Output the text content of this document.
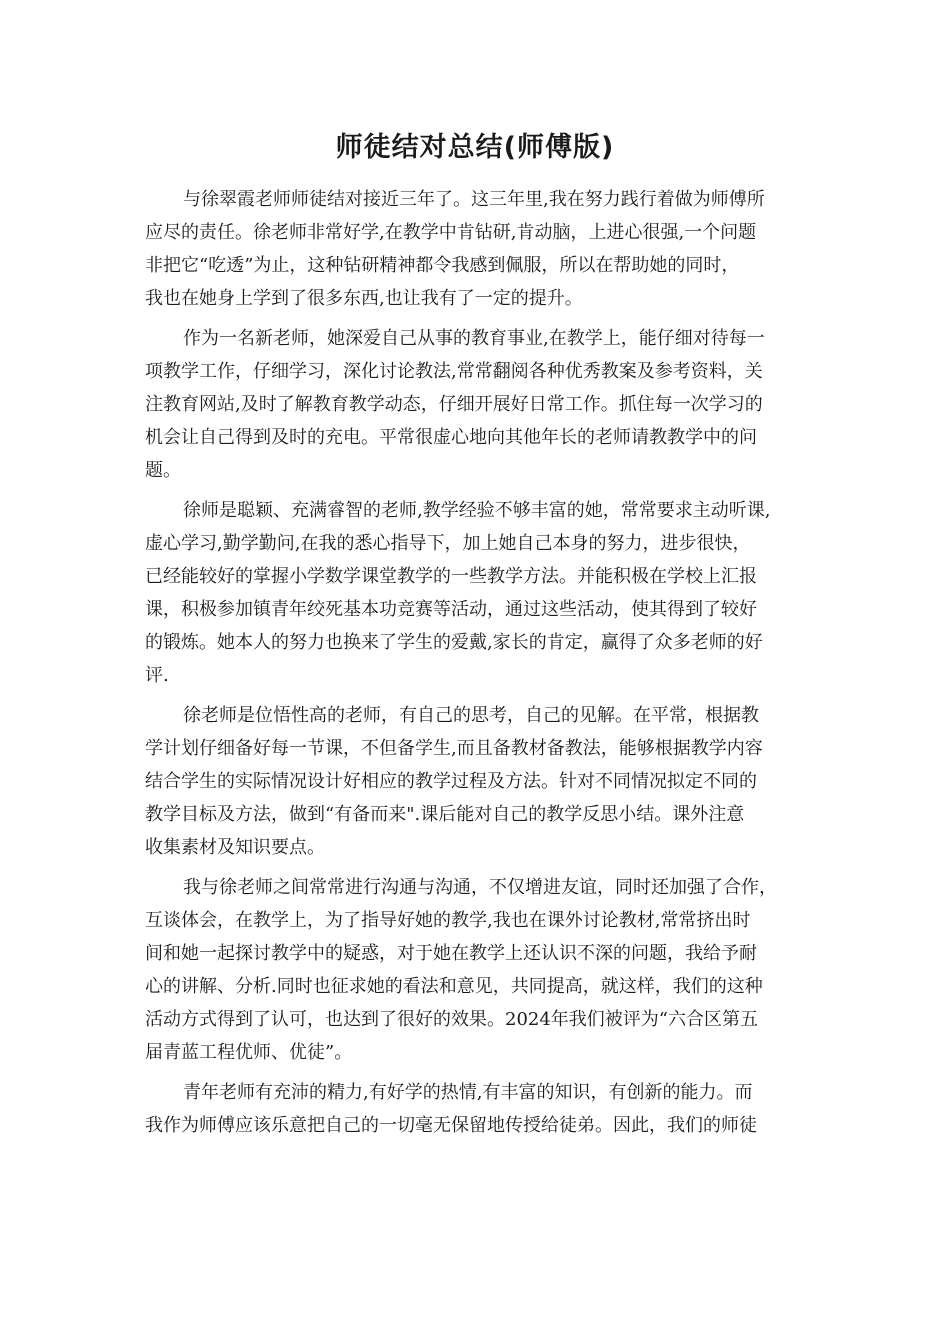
师徒结对总结(师傅版)
与徐翠霞老师师徒结对接近三年了。这三年里,我在努力践行着做为师傅所
应尽的责任。徐老师非常好学,在教学中肯钻研,肯动脑，上进心很强,一个问题
非把它“吃透”为止，这种钻研精神都令我感到佩服，所以在帮助她的同时，
我也在她身上学到了很多东西,也让我有了一定的提升。
作为一名新老师，她深爱自己从事的教育事业,在教学上，能仔细对待每一
项教学工作，仔细学习，深化讨论教法,常常翻阅各种优秀教案及参考资料，关
注教育网站,及时了解教育教学动态，仔细开展好日常工作。抓住每一次学习的
机会让自己得到及时的充电。平常很虚心地向其他年长的老师请教教学中的问
题。
徐师是聪颖、充满睿智的老师,教学经验不够丰富的她，常常要求主动听课,
虚心学习,勤学勤问,在我的悉心指导下，加上她自己本身的努力，进步很快，
已经能较好的掌握小学数学课堂教学的一些教学方法。并能积极在学校上汇报
课，积极参加镇青年绞死基本功竞赛等活动，通过这些活动，使其得到了较好
的锻炼。她本人的努力也换来了学生的爱戴,家长的肯定，赢得了众多老师的好
评.
徐老师是位悟性高的老师，有自己的思考，自己的见解。在平常，根据教
学计划仔细备好每一节课，不但备学生,而且备教材备教法，能够根据教学内容
结合学生的实际情况设计好相应的教学过程及方法。针对不同情况拟定不同的
教学目标及方法，做到“有备而来".课后能对自己的教学反思小结。课外注意
收集素材及知识要点。
我与徐老师之间常常进行沟通与沟通，不仅增进友谊，同时还加强了合作，
互谈体会，在教学上，为了指导好她的教学,我也在课外讨论教材,常常挤出时
间和她一起探讨教学中的疑惑，对于她在教学上还认识不深的问题，我给予耐
心的讲解、分析.同时也征求她的看法和意见，共同提高，就这样，我们的这种
活动方式得到了认可，也达到了很好的效果。2024年我们被评为“六合区第五
届青蓝工程优师、优徒”。
青年老师有充沛的精力,有好学的热情,有丰富的知识，有创新的能力。而
我作为师傅应该乐意把自己的一切毫无保留地传授给徒弟。因此，我们的师徒
